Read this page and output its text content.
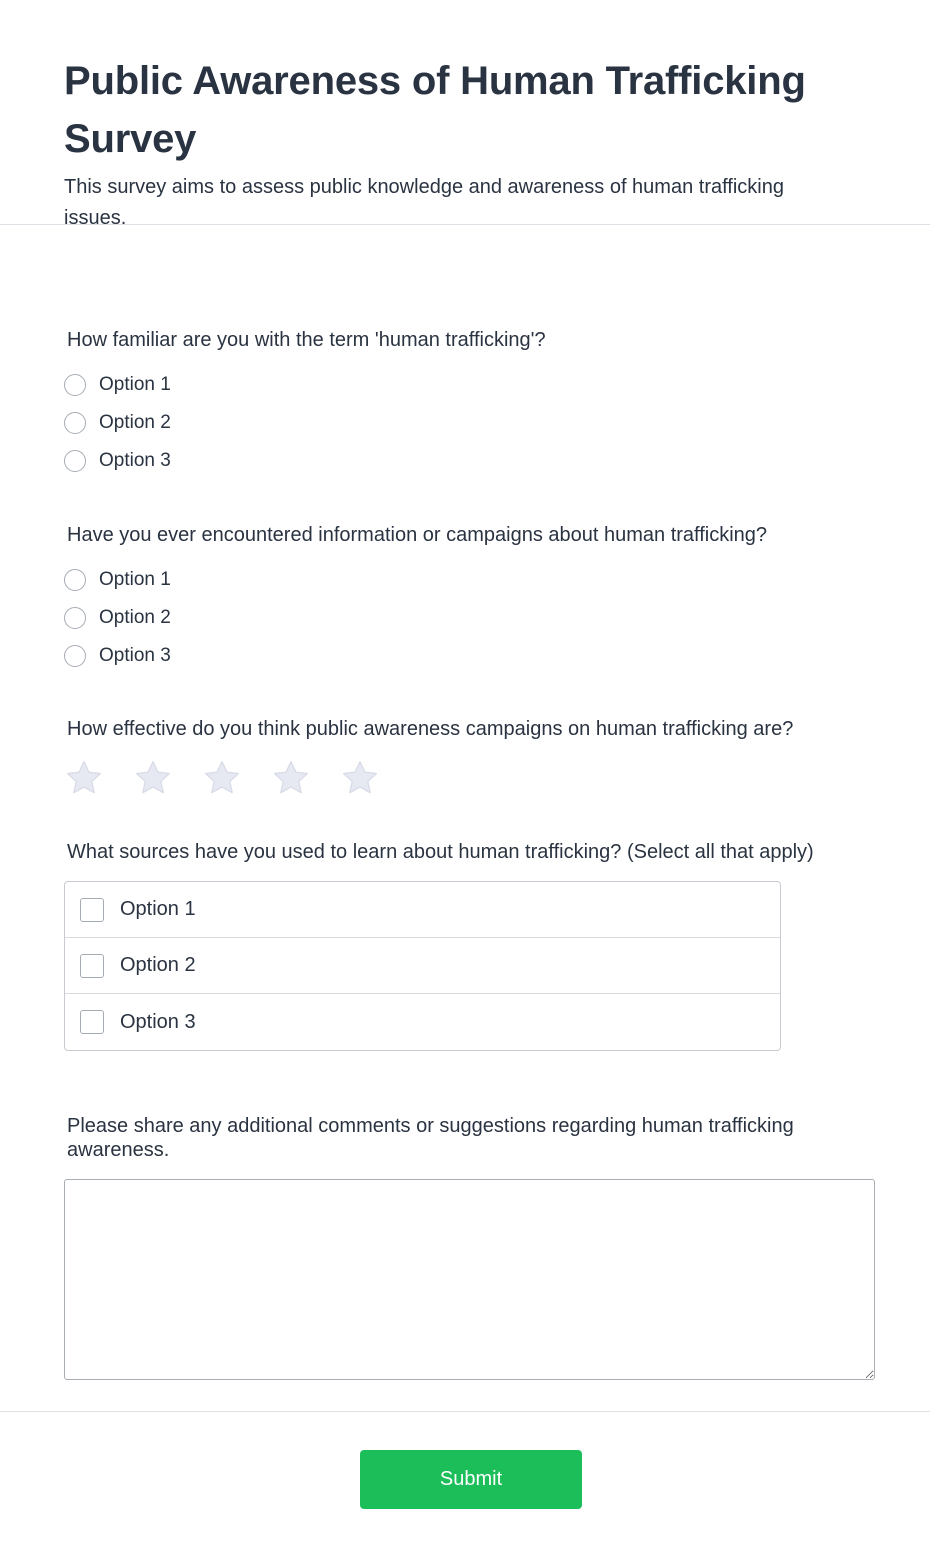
Public Awareness of Human Trafficking Survey

This survey aims to assess public knowledge and awareness of human trafficking issues.

How familiar are you with the term 'human trafficking'?

Option 1
Option 2
Option 3

Have you ever encountered information or campaigns about human trafficking?

Option 1
Option 2
Option 3

How effective do you think public awareness campaigns on human trafficking are?

What sources have you used to learn about human trafficking? (Select all that apply)

Option 1
Option 2
Option 3

Please share any additional comments or suggestions regarding human trafficking awareness.

Submit
